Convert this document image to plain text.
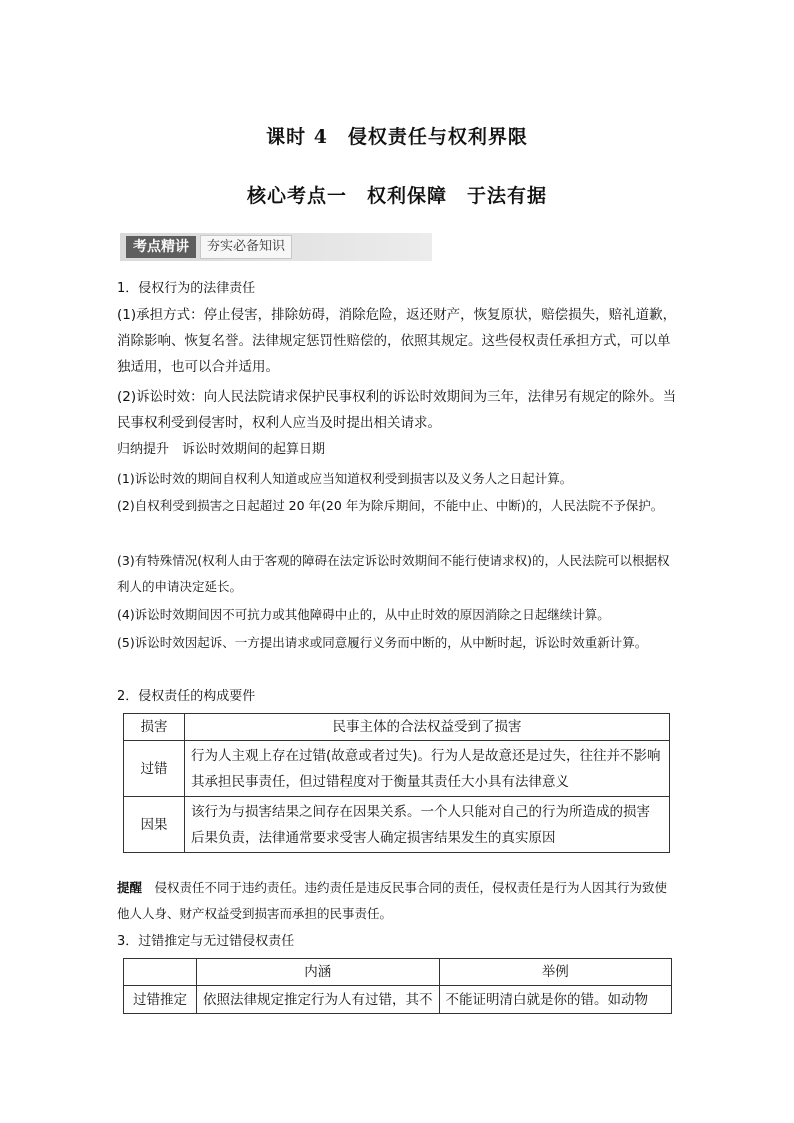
课时 4　侵权责任与权利界限
核心考点一　权利保障　于法有据
考点精讲	夯实必备知识

1．侵权行为的法律责任

(1)承担方式：停止侵害，排除妨碍，消除危险，返还财产，恢复原状，赔偿损失，赔礼道歉，消除影响、恢复名誉。法律规定惩罚性赔偿的，依照其规定。这些侵权责任承担方式，可以单独适用，也可以合并适用。

(2)诉讼时效：向人民法院请求保护民事权利的诉讼时效期间为三年，法律另有规定的除外。当民事权利受到侵害时，权利人应当及时提出相关请求。

归纳提升　诉讼时效期间的起算日期

(1)诉讼时效的期间自权利人知道或应当知道权利受到损害以及义务人之日起计算。

(2)自权利受到损害之日起超过 20 年(20 年为除斥期间，不能中止、中断)的，人民法院不予保护。

(3)有特殊情况(权利人由于客观的障碍在法定诉讼时效期间不能行使请求权)的，人民法院可以根据权利人的申请决定延长。

(4)诉讼时效期间因不可抗力或其他障碍中止的，从中止时效的原因消除之日起继续计算。

(5)诉讼时效因起诉、一方提出请求或同意履行义务而中断的，从中断时起，诉讼时效重新计算。

2．侵权责任的构成要件

损害	民事主体的合法权益受到了损害
过错	行为人主观上存在过错(故意或者过失)。行为人是故意还是过失，往往并不影响其承担民事责任，但过错程度对于衡量其责任大小具有法律意义
因果	该行为与损害结果之间存在因果关系。一个人只能对自己的行为所造成的损害后果负责，法律通常要求受害人确定损害结果发生的真实原因

提醒　 侵权责任不同于违约责任。违约责任是违反民事合同的责任，侵权责任是行为人因其行为致使他人人身、财产权益受到损害而承担的民事责任。

3．过错推定与无过错侵权责任

	内涵	举例
过错推定	依照法律规定推定行为人有过错，其不	不能证明清白就是你的错。如动物
